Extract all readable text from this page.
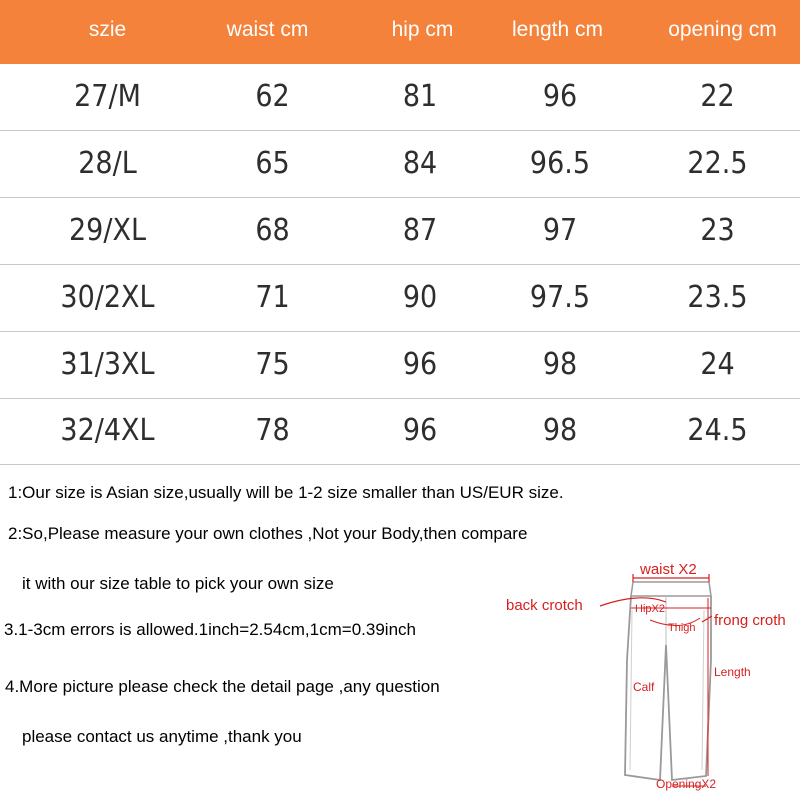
szie	waist cm	hip cm	length cm	opening cm
27/M	62	81	96	22
28/L	65	84	96.5	22.5
29/XL	68	87	97	23
30/2XL	71	90	97.5	23.5
31/3XL	75	96	98	24
32/4XL	78	96	98	24.5
1:Our size is Asian size,usually will be 1-2 size smaller than US/EUR size.
2:So,Please measure your own clothes ,Not your Body,then compare
it with our size table to pick your own size
3.1-3cm errors is allowed.1inch=2.54cm,1cm=0.39inch
4.More picture please check the detail page ,any question
please contact us anytime ,thank you
waist X2
back crotch	HipX2
Thigh frong croth
Length
Calf
OpeningX2
